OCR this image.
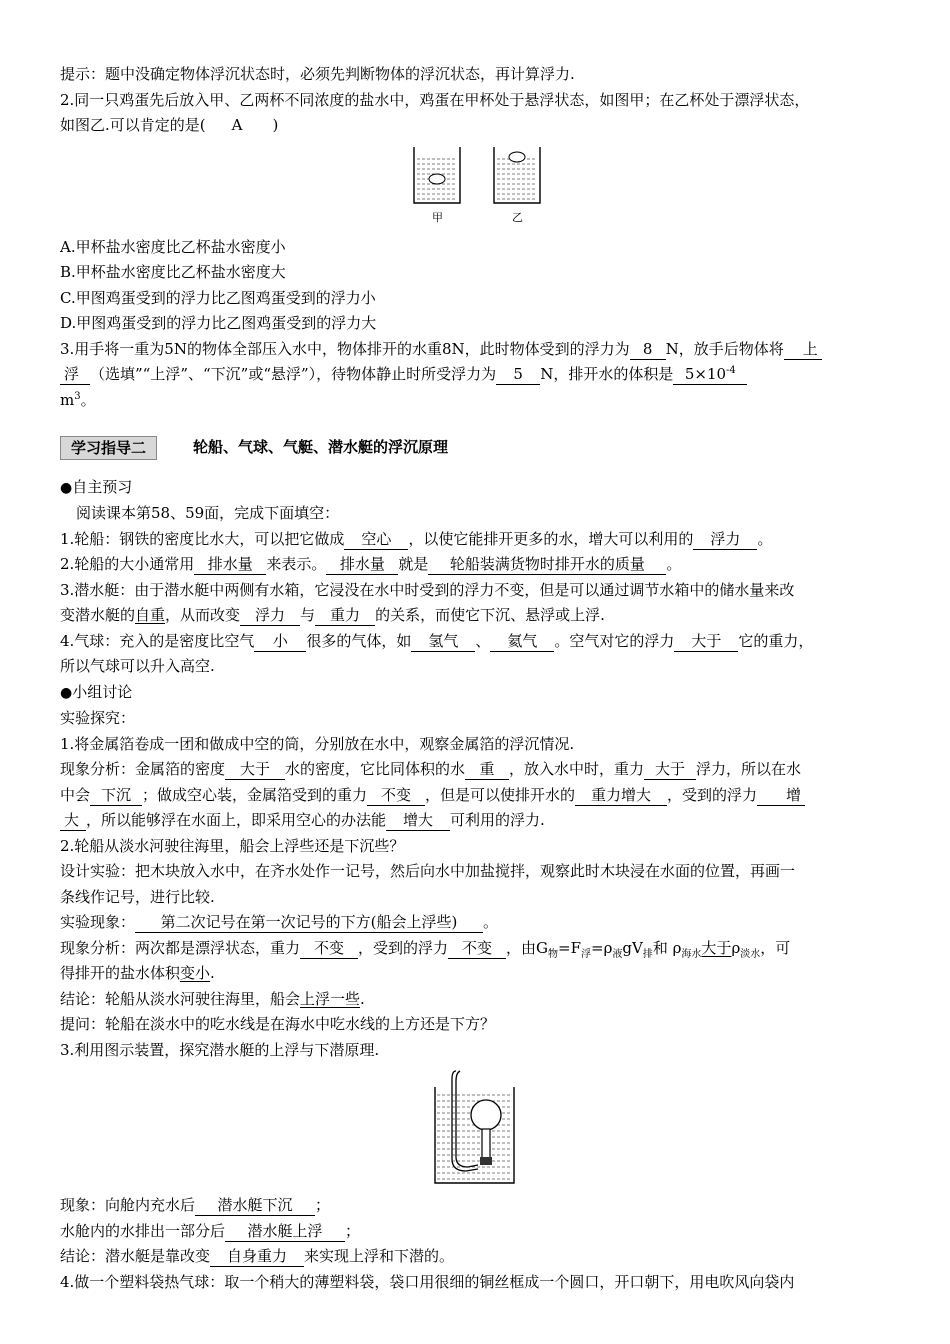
提示：题中没确定物体浮沉状态时，必须先判断物体的浮沉状态，再计算浮力.
2.同一只鸡蛋先后放入甲、乙两杯不同浓度的盐水中，鸡蛋在甲杯处于悬浮状态，如图甲；在乙杯处于漂浮状态，
如图乙.可以肯定的是( A )
甲	乙
A.甲杯盐水密度比乙杯盐水密度小
B.甲杯盐水密度比乙杯盐水密度大
C.甲图鸡蛋受到的浮力比乙图鸡蛋受到的浮力小
D.甲图鸡蛋受到的浮力比乙图鸡蛋受到的浮力大
3.用手将一重为5N的物体全部压入水中，物体排开的水重8N，此时物体受到的浮力为 8 N，放手后物体将 上
浮 （选填”“上浮”、“下沉”或“悬浮”），待物体静止时所受浮力为 5 N，排开水的体积是 $5\times 10^{-4}$
$m^3$。
学习指导二	轮船、气球、气艇、潜水艇的浮沉原理
●自主预习
阅读课本第58、59面，完成下面填空：
1.轮船：钢铁的密度比水大，可以把它做成 空心 ，以使它能排开更多的水，增大可以利用的 浮力 。
2.轮船的大小通常用 排水量 来表示。 排水量 就是 轮船装满货物时排开水的质量 。
3.潜水艇：由于潜水艇中两侧有水箱，它浸没在水中时受到的浮力不变，但是可以通过调节水箱中的储水量来改
变潜水艇的自重，从而改变 浮力 与 重力 的关系，而使它下沉、悬浮或上浮.
4.气球：充入的是密度比空气 小 很多的气体，如 氢气 、 氦气 。空气对它的浮力 大于 它的重力，
所以气球可以升入高空.
●小组讨论
实验探究：
1.将金属箔卷成一团和做成中空的筒，分别放在水中，观察金属箔的浮沉情况.
现象分析：金属箔的密度 大于 水的密度，它比同体积的水 重 ，放入水中时，重力 大于 浮力，所以在水
中会 下沉 ；做成空心装，金属箔受到的重力 不变 ，但是可以使排开水的 重力增大 ，受到的浮力 增
大 ，所以能够浮在水面上，即采用空心的办法能 增大 可利用的浮力.
2.轮船从淡水河驶往海里，船会上浮些还是下沉些？
设计实验：把木块放入水中，在齐水处作一记号，然后向水中加盐搅拌，观察此时木块浸在水面的位置，再画一
条线作记号，进行比较.
实验现象： 第二次记号在第一次记号的下方(船会上浮些) 。
现象分析：两次都是漂浮状态，重力 不变 ，受到的浮力 不变 ，由$G_物=F_浮=\rho_液gV_排$和 $\rho_{海水}$大于$\rho_{淡水}$，可
得排开的盐水体积变小.
结论：轮船从淡水河驶往海里，船会上浮一些.
提问：轮船在淡水中的吃水线是在海水中吃水线的上方还是下方？
3.利用图示装置，探究潜水艇的上浮与下潜原理.
现象：向舱内充水后 潜水艇下沉 ；
水舱内的水排出一部分后 潜水艇上浮 ；
结论：潜水艇是靠改变 自身重力 来实现上浮和下潜的。
4.做一个塑料袋热气球：取一个稍大的薄塑料袋，袋口用很细的铜丝框成一个圆口，开口朝下，用电吹风向袋内
